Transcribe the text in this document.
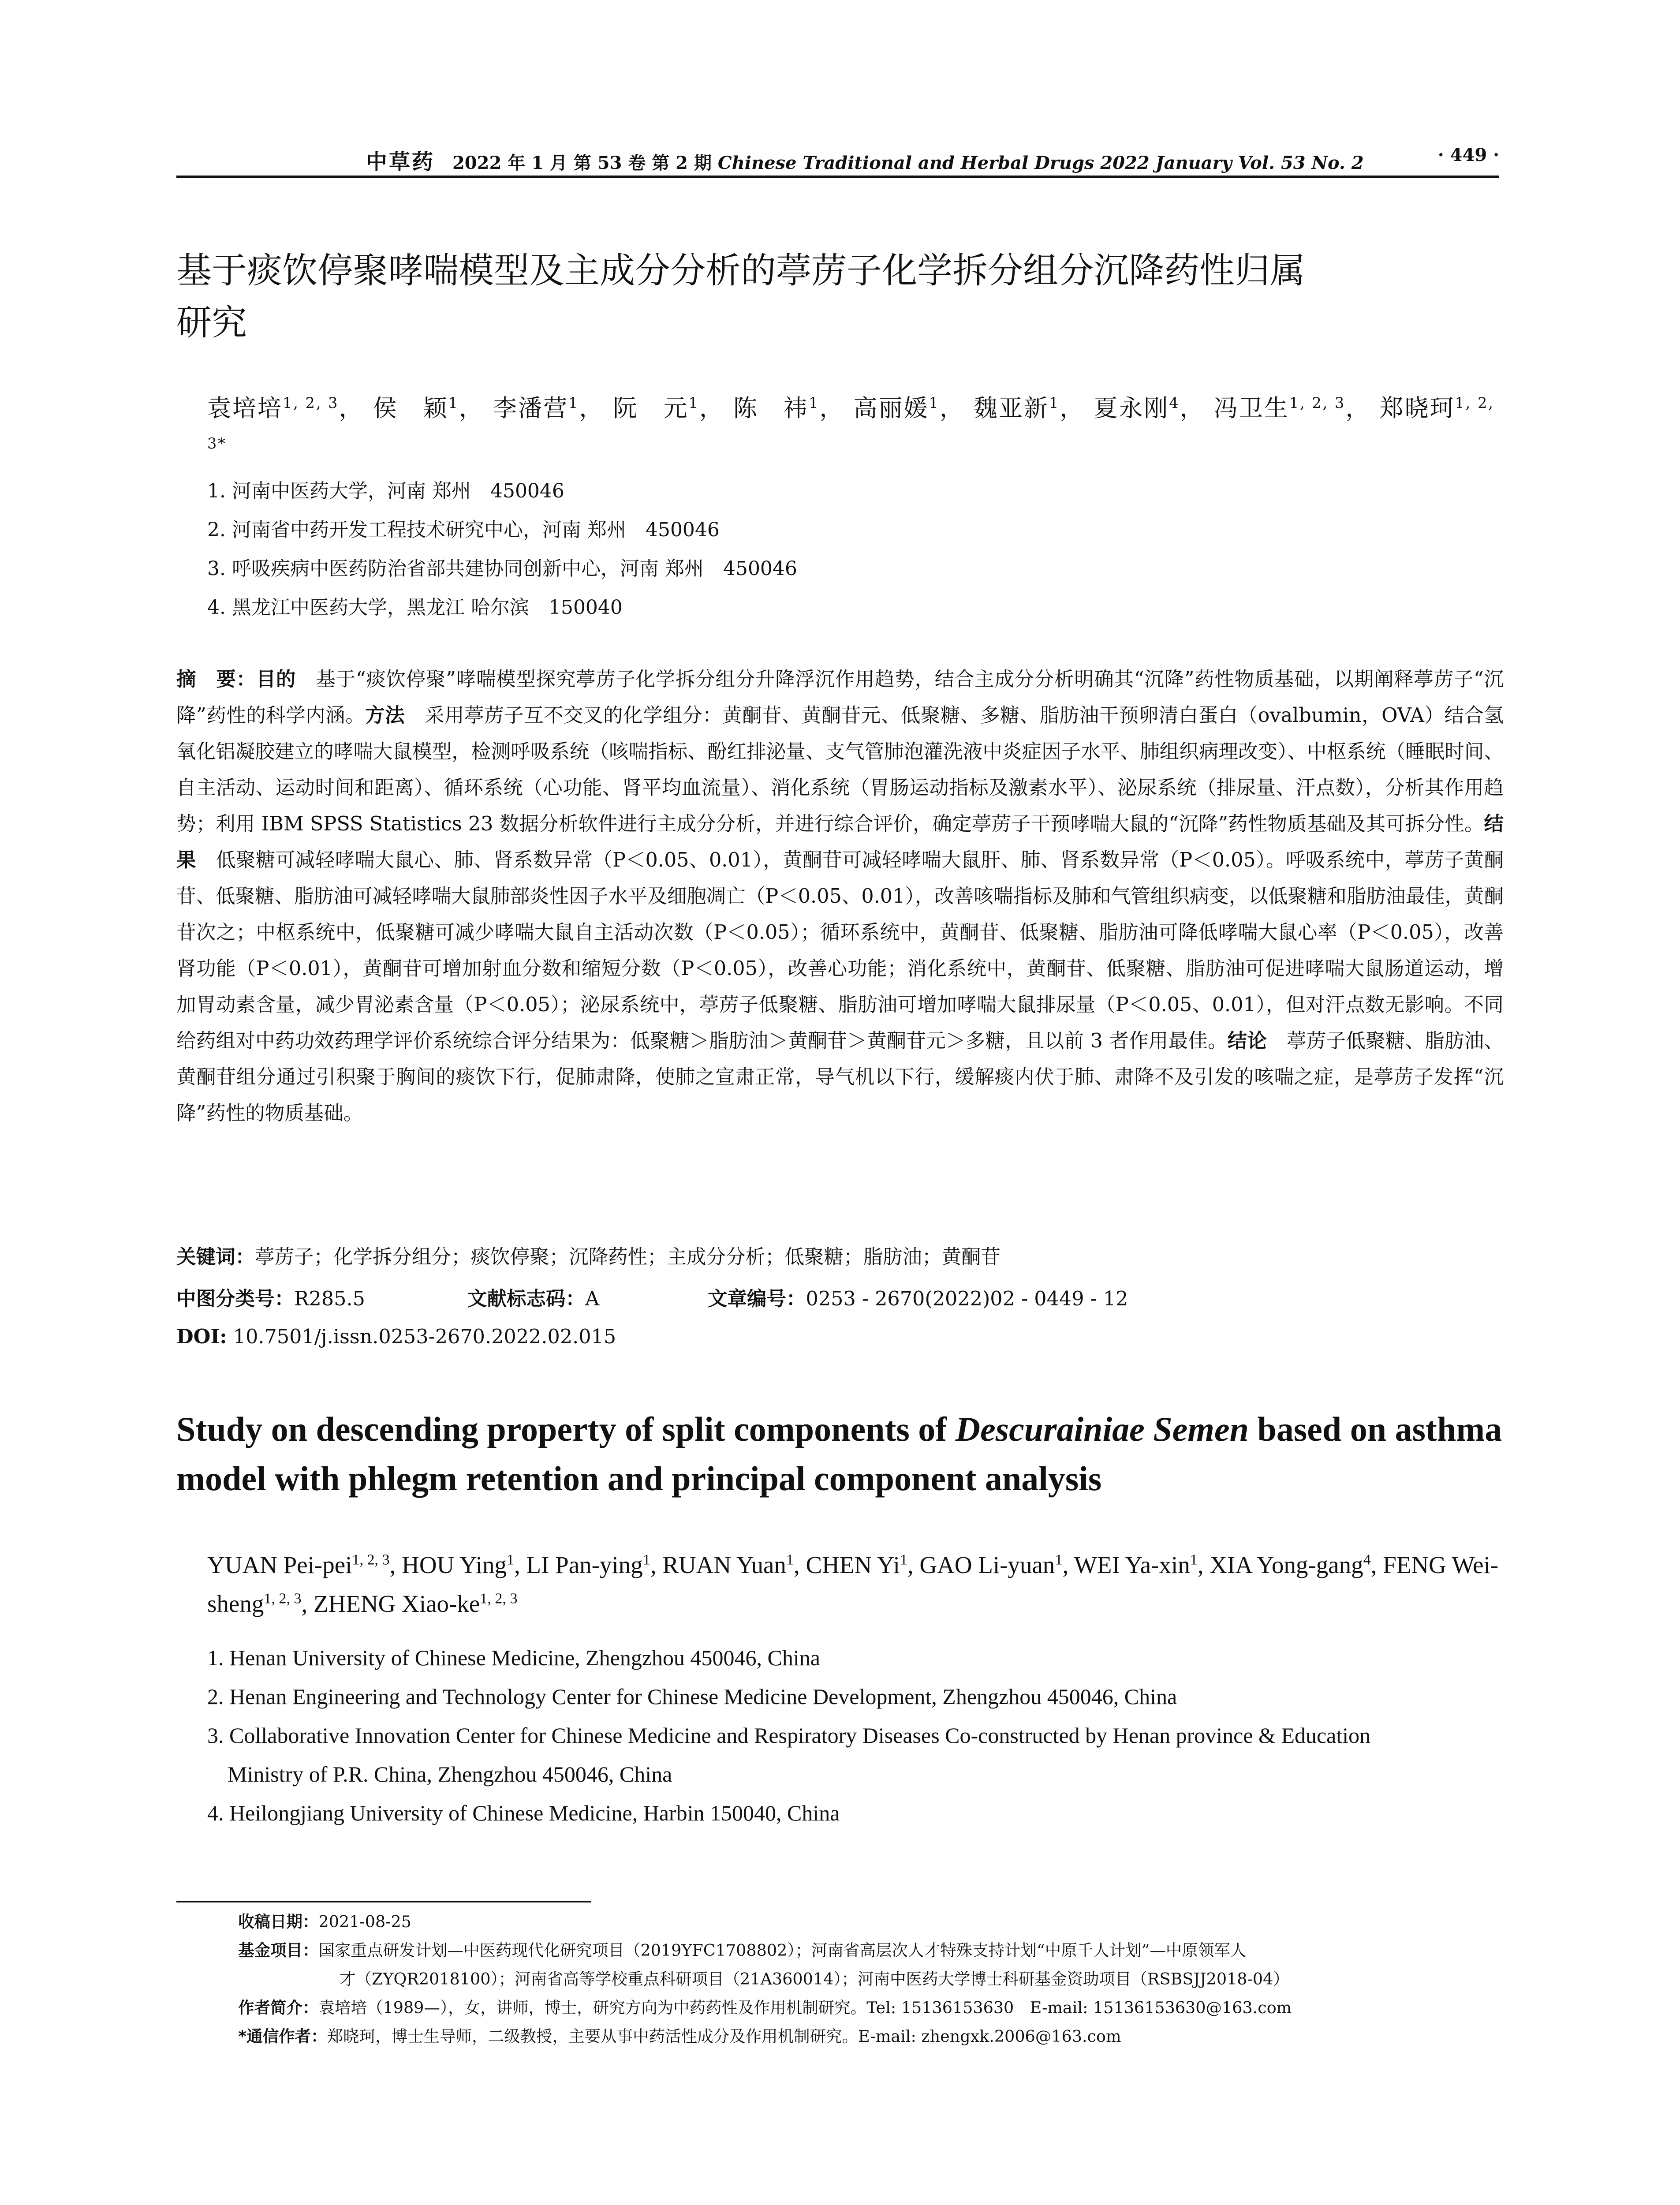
中草药 2022 年 1 月 第 53 卷 第 2 期 Chinese Traditional and Herbal Drugs 2022 January Vol. 53 No. 2	· 449 ·
基于痰饮停聚哮喘模型及主成分分析的葶苈子化学拆分组分沉降药性归属
研究
袁培培$^{1, 2, 3}$， 侯　颖$^1$， 李潘营$^1$， 阮　元$^1$， 陈　祎$^1$， 高丽媛$^1$， 魏亚新$^1$， 夏永刚$^4$， 冯卫生$^{1, 2, 3}$， 郑晓珂$^{1, 2, 3*}$
1. 河南中医药大学，河南 郑州　450046
2. 河南省中药开发工程技术研究中心，河南 郑州　450046
3. 呼吸疾病中医药防治省部共建协同创新中心，河南 郑州　450046
4. 黑龙江中医药大学，黑龙江 哈尔滨　150040
摘　要：目的　基于“痰饮停聚”哮喘模型探究葶苈子化学拆分组分升降浮沉作用趋势，结合主成分分析明确其“沉降”药性物质基础，以期阐释葶苈子“沉降”药性的科学内涵。方法　采用葶苈子互不交叉的化学组分：黄酮苷、黄酮苷元、低聚糖、多糖、脂肪油干预卵清白蛋白（ovalbumin，OVA）结合氢氧化铝凝胶建立的哮喘大鼠模型，检测呼吸系统（咳喘指标、酚红排泌量、支气管肺泡灌洗液中炎症因子水平、肺组织病理改变）、中枢系统（睡眠时间、自主活动、运动时间和距离）、循环系统（心功能、肾平均血流量）、消化系统（胃肠运动指标及激素水平）、泌尿系统（排尿量、汗点数），分析其作用趋势；利用 IBM SPSS Statistics 23 数据分析软件进行主成分分析，并进行综合评价，确定葶苈子干预哮喘大鼠的“沉降”药性物质基础及其可拆分性。结果　低聚糖可减轻哮喘大鼠心、肺、肾系数异常（P＜0.05、0.01），黄酮苷可减轻哮喘大鼠肝、肺、肾系数异常（P＜0.05）。呼吸系统中，葶苈子黄酮苷、低聚糖、脂肪油可减轻哮喘大鼠肺部炎性因子水平及细胞凋亡（P＜0.05、0.01），改善咳喘指标及肺和气管组织病变，以低聚糖和脂肪油最佳，黄酮苷次之；中枢系统中，低聚糖可减少哮喘大鼠自主活动次数（P＜0.05）；循环系统中，黄酮苷、低聚糖、脂肪油可降低哮喘大鼠心率（P＜0.05），改善肾功能（P＜0.01），黄酮苷可增加射血分数和缩短分数（P＜0.05），改善心功能；消化系统中，黄酮苷、低聚糖、脂肪油可促进哮喘大鼠肠道运动，增加胃动素含量，减少胃泌素含量（P＜0.05）；泌尿系统中，葶苈子低聚糖、脂肪油可增加哮喘大鼠排尿量（P＜0.05、0.01），但对汗点数无影响。不同给药组对中药功效药理学评价系统综合评分结果为：低聚糖＞脂肪油＞黄酮苷＞黄酮苷元＞多糖，且以前 3 者作用最佳。结论　葶苈子低聚糖、脂肪油、黄酮苷组分通过引积聚于胸间的痰饮下行，促肺肃降，使肺之宣肃正常，导气机以下行，缓解痰内伏于肺、肃降不及引发的咳喘之症，是葶苈子发挥“沉降”药性的物质基础。
关键词：葶苈子；化学拆分组分；痰饮停聚；沉降药性；主成分分析；低聚糖；脂肪油；黄酮苷
中图分类号： R285.5	文献标志码： A	文章编号： 0253 - 2670(2022)02 - 0449 - 12
DOI: 10.7501/j.issn.0253-2670.2022.02.015
Study on descending property of split components of Descurainiae Semen based on asthma model with phlegm retention and principal component analysis
YUAN Pei-pei$^{1, 2, 3}$, HOU Ying$^1$, LI Pan-ying$^1$, RUAN Yuan$^1$, CHEN Yi$^1$, GAO Li-yuan$^1$, WEI Ya-xin$^1$, XIA Yong-gang$^4$, FENG Wei-sheng$^{1, 2, 3}$, ZHENG Xiao-ke$^{1, 2, 3}$
1. Henan University of Chinese Medicine, Zhengzhou 450046, China
2. Henan Engineering and Technology Center for Chinese Medicine Development, Zhengzhou 450046, China
3. Collaborative Innovation Center for Chinese Medicine and Respiratory Diseases Co-constructed by Henan province & Education
Ministry of P.R. China, Zhengzhou 450046, China
4. Heilongjiang University of Chinese Medicine, Harbin 150040, China
收稿日期：2021-08-25
基金项目：国家重点研发计划—中医药现代化研究项目（2019YFC1708802）；河南省高层次人才特殊支持计划“中原千人计划”—中原领军人
才（ZYQR2018100）；河南省高等学校重点科研项目（21A360014）；河南中医药大学博士科研基金资助项目（RSBSJJ2018-04）
作者简介：袁培培（1989—），女，讲师，博士，研究方向为中药药性及作用机制研究。Tel: 15136153630　E-mail: 15136153630@163.com
*通信作者：郑晓珂，博士生导师，二级教授，主要从事中药活性成分及作用机制研究。E-mail: zhengxk.2006@163.com
